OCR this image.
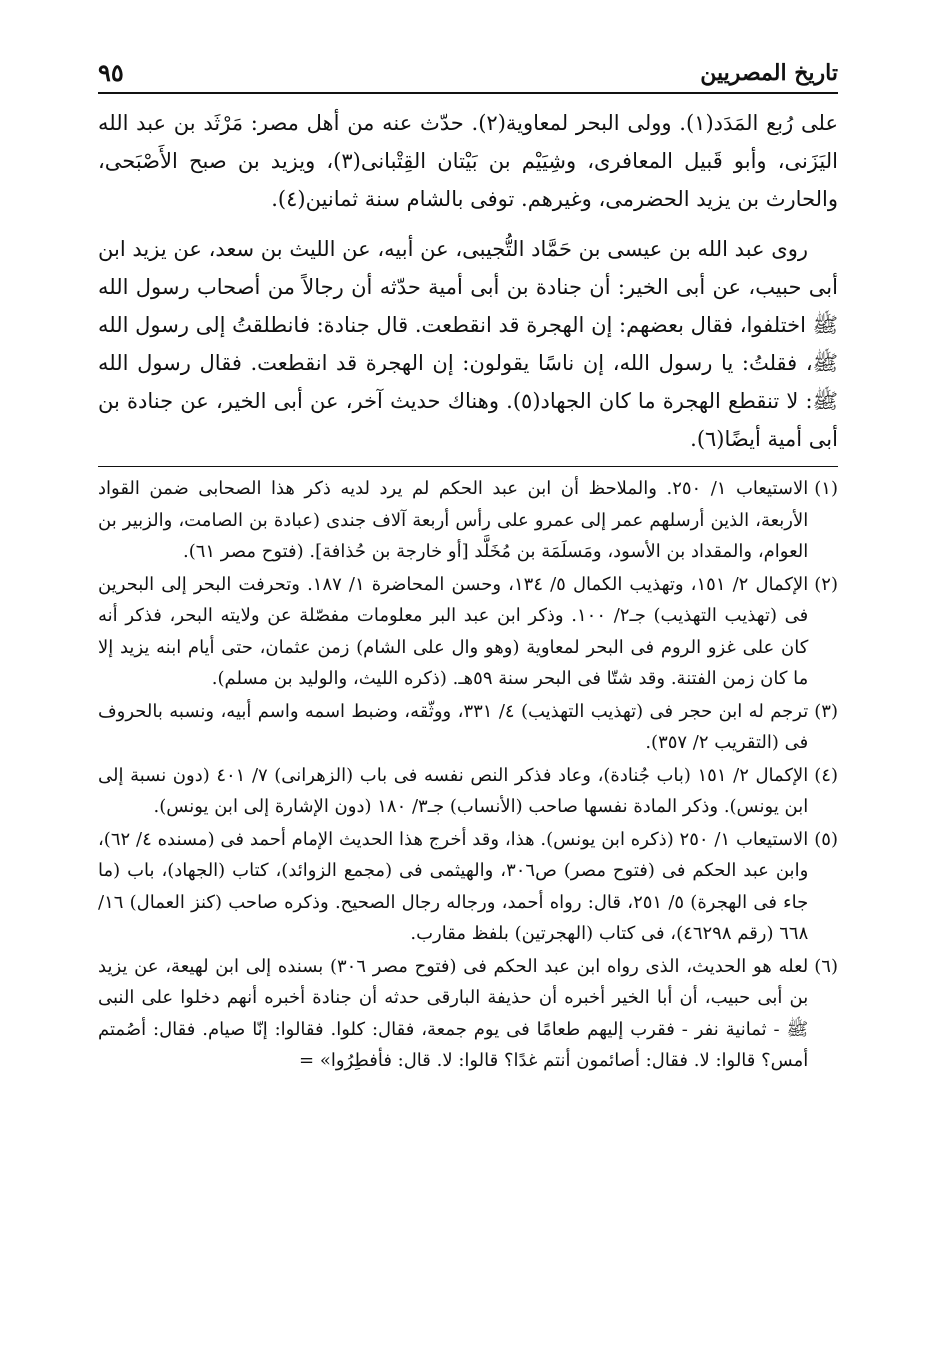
تاريخ المصريين
٩٥

على رُبع المَدَد(١). وولى البحر لمعاوية(٢). حدّث عنه من أهل مصر: مَرْثَد بن عبد الله اليَزَنى، وأبو قَبيل المعافرى، وشِيَيْم بن بَيْتان القِتْبانى(٣)، ويزيد بن صبح الأَصْبَحى، والحارث بن يزيد الحضرمى، وغيرهم. توفى بالشام سنة ثمانين(٤).

روى عبد الله بن عيسى بن حَمَّاد التُّجيبى، عن أبيه، عن الليث بن سعد، عن يزيد ابن أبى حبيب، عن أبى الخير: أن جنادة بن أبى أمية حدّثه أن رجالاً من أصحاب رسول الله ﷺ اختلفوا، فقال بعضهم: إن الهجرة قد انقطعت. قال جنادة: فانطلقتُ إلى رسول الله ﷺ، فقلتُ: يا رسول الله، إن ناسًا يقولون: إن الهجرة قد انقطعت. فقال رسول الله ﷺ: لا تنقطع الهجرة ما كان الجهاد(٥). وهناك حديث آخر، عن أبى الخير، عن جنادة بن أبى أمية أيضًا(٦).

(١)
الاستيعاب ١/ ٢٥٠. والملاحظ أن ابن عبد الحكم لم يرد لديه ذكر هذا الصحابى ضمن القواد الأربعة، الذين أرسلهم عمر إلى عمرو على رأس أربعة آلاف جندى (عبادة بن الصامت، والزبير بن العوام، والمقداد بن الأسود، ومَسلَمَة بن مُخَلَّد [أو خارجة بن حُذافة]. (فتوح مصر ٦١).

(٢)
الإكمال ٢/ ١٥١، وتهذيب الكمال ٥/ ١٣٤، وحسن المحاضرة ١/ ١٨٧. وتحرفت البحر إلى البحرين فى (تهذيب التهذيب) جـ٢/ ١٠٠. وذكر ابن عبد البر معلومات مفصّلة عن ولايته البحر، فذكر أنه كان على غزو الروم فى البحر لمعاوية (وهو وال على الشام) زمن عثمان، حتى أيام ابنه يزيد إلا ما كان زمن الفتنة. وقد شتّا فى البحر سنة ٥٩هـ. (ذكره الليث، والوليد بن مسلم).

(٣)
ترجم له ابن حجر فى (تهذيب التهذيب) ٤/ ٣٣١، ووثّقه، وضبط اسمه واسم أبيه، ونسبه بالحروف فى (التقريب ٢/ ٣٥٧).

(٤)
الإكمال ٢/ ١٥١ (باب جُنادة)، وعاد فذكر النص نفسه فى باب (الزهرانى) ٧/ ٤٠١ (دون نسبة إلى ابن يونس). وذكر المادة نفسها صاحب (الأنساب) جـ٣/ ١٨٠ (دون الإشارة إلى ابن يونس).

(٥)
الاستيعاب ١/ ٢٥٠ (ذكره ابن يونس). هذا، وقد أخرج هذا الحديث الإمام أحمد فى (مسنده ٤/ ٦٢)، وابن عبد الحكم فى (فتوح مصر) ص٣٠٦، والهيثمى فى (مجمع الزوائد)، كتاب (الجهاد)، باب (ما جاء فى الهجرة) ٥/ ٢٥١، قال: رواه أحمد، ورجاله رجال الصحيح. وذكره صاحب (كنز العمال) ١٦/ ٦٦٨ (رقم ٤٦٢٩٨)، فى كتاب (الهجرتين) بلفظ مقارب.

(٦)
لعله هو الحديث، الذى رواه ابن عبد الحكم فى (فتوح مصر ٣٠٦) بسنده إلى ابن لهيعة، عن يزيد بن أبى حبيب، أن أبا الخير أخبره أن حذيفة البارقى حدثه أن جنادة أخبره أنهم دخلوا على النبى ﷺ - ثمانية نفر - فقرب إليهم طعامًا فى يوم جمعة، فقال: كلوا. فقالوا: إنّا صيام. فقال: أصُمتم أمس؟ قالوا: لا. فقال: أصائمون أنتم غدًا؟ قالوا: لا. قال: فأفطِرُوا» =
